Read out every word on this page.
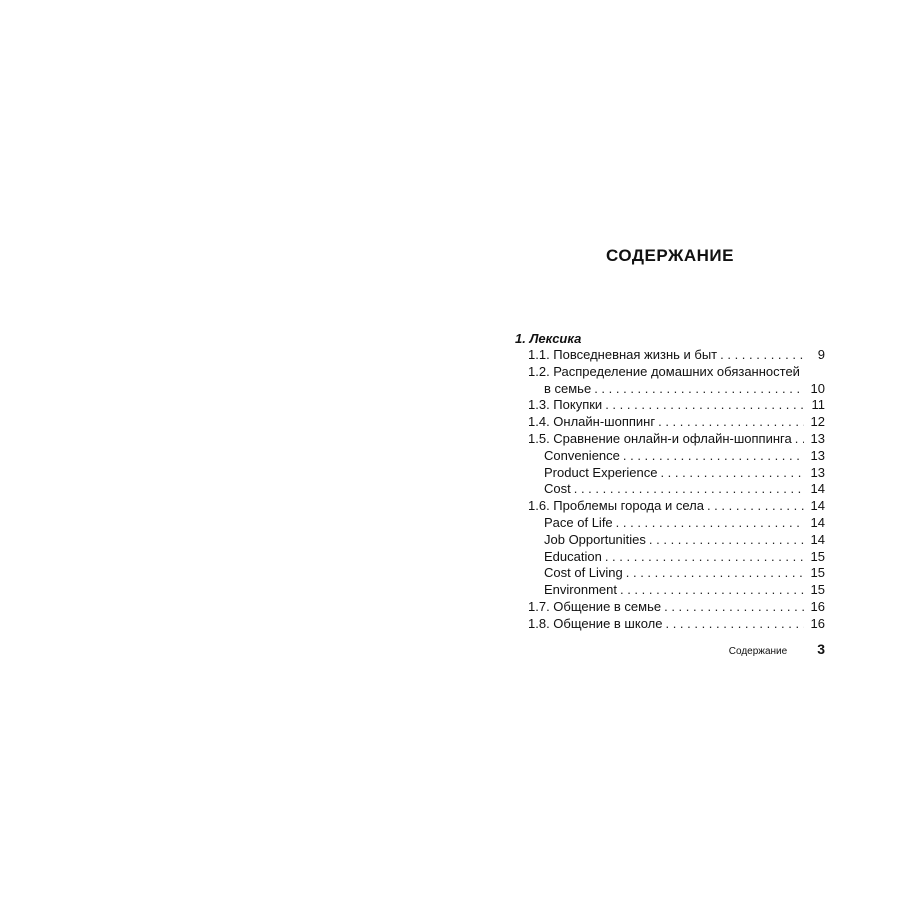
СОДЕРЖАНИЕ
1. Лексика
1.1. Повседневная жизнь и быт . . .	9
1.2. Распределение домашних обязанностей
в семье . . .	10
1.3. Покупки . . .	11
1.4. Онлайн-шоппинг . . .	12
1.5. Сравнение онлайн-и офлайн-шоппинга . . . 13
Convenience . . .	13
Product Experience . . .	13
Cost . . .	14
1.6. Проблемы города и села . . .	14
Pace of Life . . .	14
Job Opportunities . . .	14
Education . . .	15
Cost of Living . . .	15
Environment . . .	15
1.7. Общение в семье . . .	16
1.8. Общение в школе . . .	16
Содержание 3
